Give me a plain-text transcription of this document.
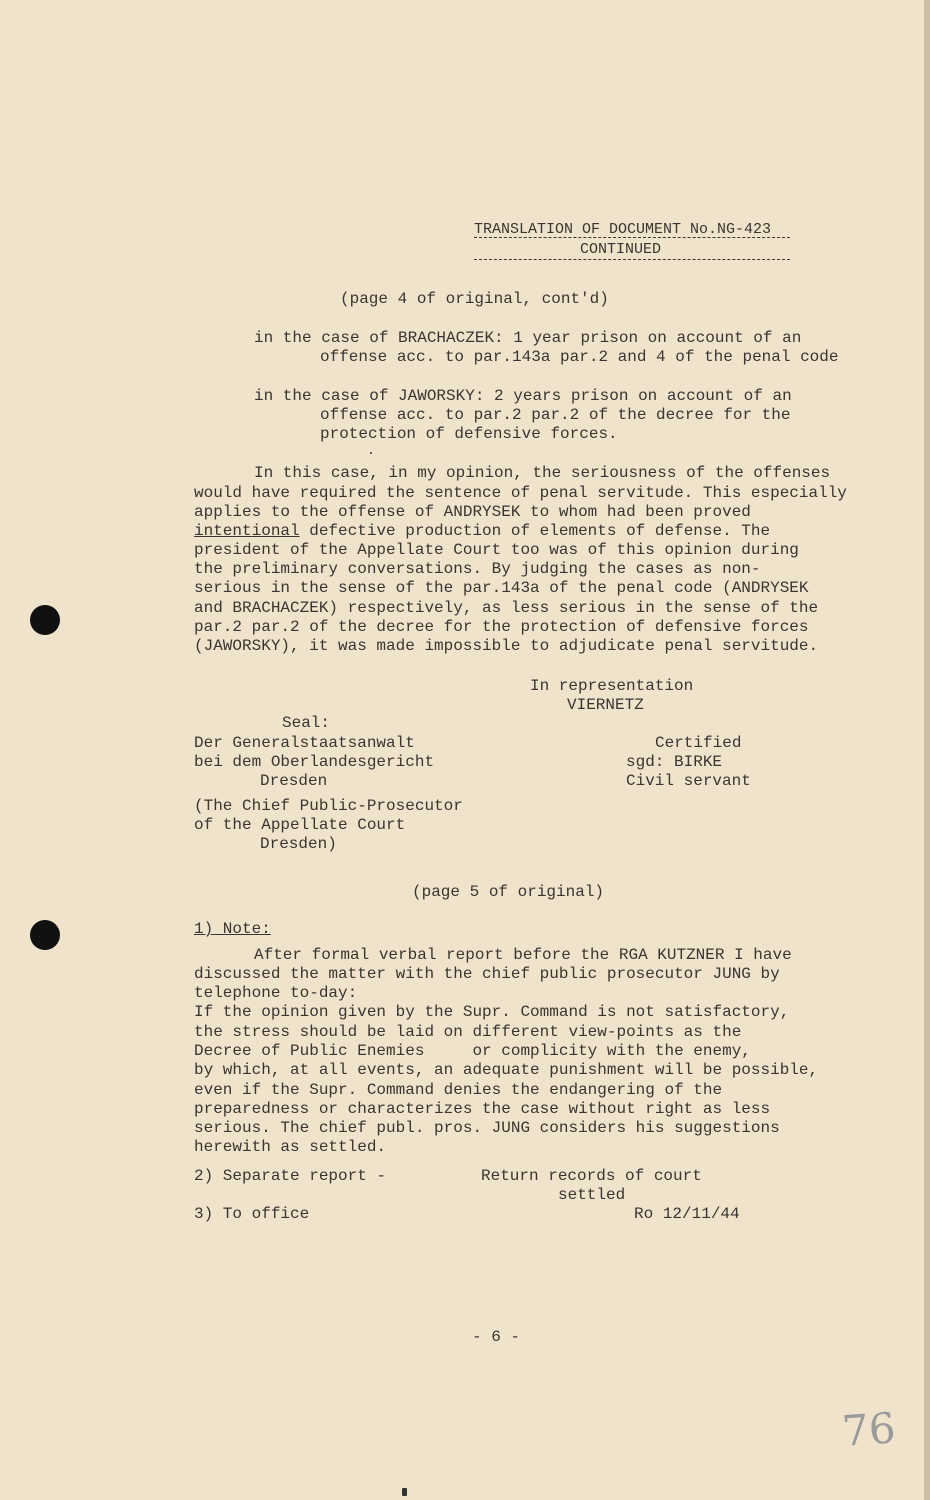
TRANSLATION OF DOCUMENT No.NG-423
CONTINUED
(page 4 of original, cont'd)
in the case of BRACHACZEK: 1 year prison on account of an
offense acc. to par.143a par.2 and 4 of the penal code
in the case of JAWORSKY: 2 years prison on account of an
offense acc. to par.2 par.2 of the decree for the
protection of defensive forces.
In this case, in my opinion, the seriousness of the offenses
would have required the sentence of penal servitude. This especially
applies to the offense of ANDRYSEK to whom had been proved
intentional defective production of elements of defense. The
president of the Appellate Court too was of this opinion during
the preliminary conversations. By judging the cases as non-
serious in the sense of the par.143a of the penal code (ANDRYSEK
and BRACHACZEK) respectively, as less serious in the sense of the
par.2 par.2 of the decree for the protection of defensive forces
(JAWORSKY), it was made impossible to adjudicate penal servitude.
In representation
VIERNETZ
Seal:
Der Generalstaatsanwalt
bei dem Oberlandesgericht
Dresden
Certified
sgd: BIRKE
Civil servant
(The Chief Public-Prosecutor
of the Appellate Court
Dresden)
(page 5 of original)
1) Note:
After formal verbal report before the RGA KUTZNER I have
discussed the matter with the chief public prosecutor JUNG by
telephone to-day:
If the opinion given by the Supr. Command is not satisfactory,
the stress should be laid on different view-points as the
Decree of Public Enemies     or complicity with the enemy,
by which, at all events, an adequate punishment will be possible,
even if the Supr. Command denies the endangering of the
preparedness or characterizes the case without right as less
serious. The chief publ. pros. JUNG considers his suggestions
herewith as settled.
2) Separate report -	Return records of court
settled
3) To office	Ro 12/11/44
- 6 -
76
